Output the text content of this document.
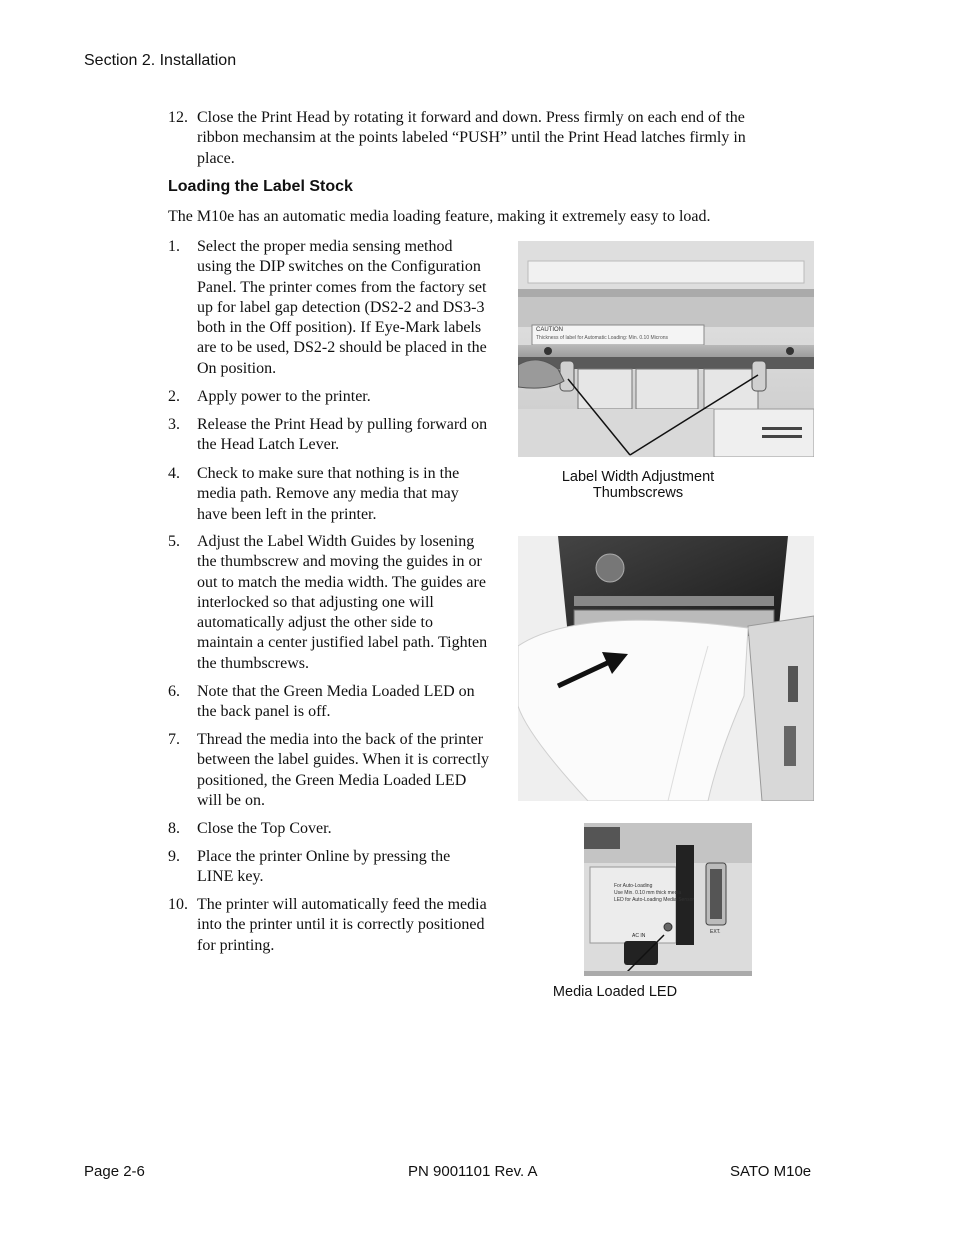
Section 2. Installation
12. Close the Print Head by rotating it forward and down. Press firmly on each end of the
ribbon mechansim at the points labeled “PUSH” until the Print Head latches firmly in
place.
Loading the Label Stock
The M10e has an automatic media loading feature, making it extremely easy to load.
1.	Select the proper media sensing method
using the DIP switches on the Configuration
Panel. The printer comes from the factory set
up for label gap detection (DS2-2 and DS3-3
both in the Off position). If Eye-Mark labels
are to be used, DS2-2 should be placed in the
On position.
2.	Apply power to the printer.
3.	Release the Print Head by pulling forward on
the Head Latch Lever.
4.	Check to make sure that nothing is in the
media path. Remove any media that may
have been left in the printer.
5.	Adjust the Label Width Guides by losening
the thumbscrew and moving the guides in or
out to match the media width. The guides are
interlocked so that adjusting one will
automatically adjust the other side to
maintain a center justified label path. Tighten
the thumbscrews.
6.	Note that the Green Media Loaded LED on
the back panel is off.
7.	Thread the media into the back of the printer
between the label guides. When it is correctly
positioned, the Green Media Loaded LED
will be on.
8.	Close the Top Cover.
9.	Place the printer Online by pressing the
LINE key.
10. The printer will automatically feed the media
into the printer until it is correctly positioned
for printing.
CAUTION
Thickness of label for Automatic Loading: Min. 0.10 Microns
Label Width Adjustment
Thumbscrews
For Auto-Loading
Use Min. 0.10 mm thick media
LED for Auto-Loading Media Sensor
AC IN
EXT.
Media Loaded LED
Page 2-6	PN 9001101 Rev. A	SATO M10e
